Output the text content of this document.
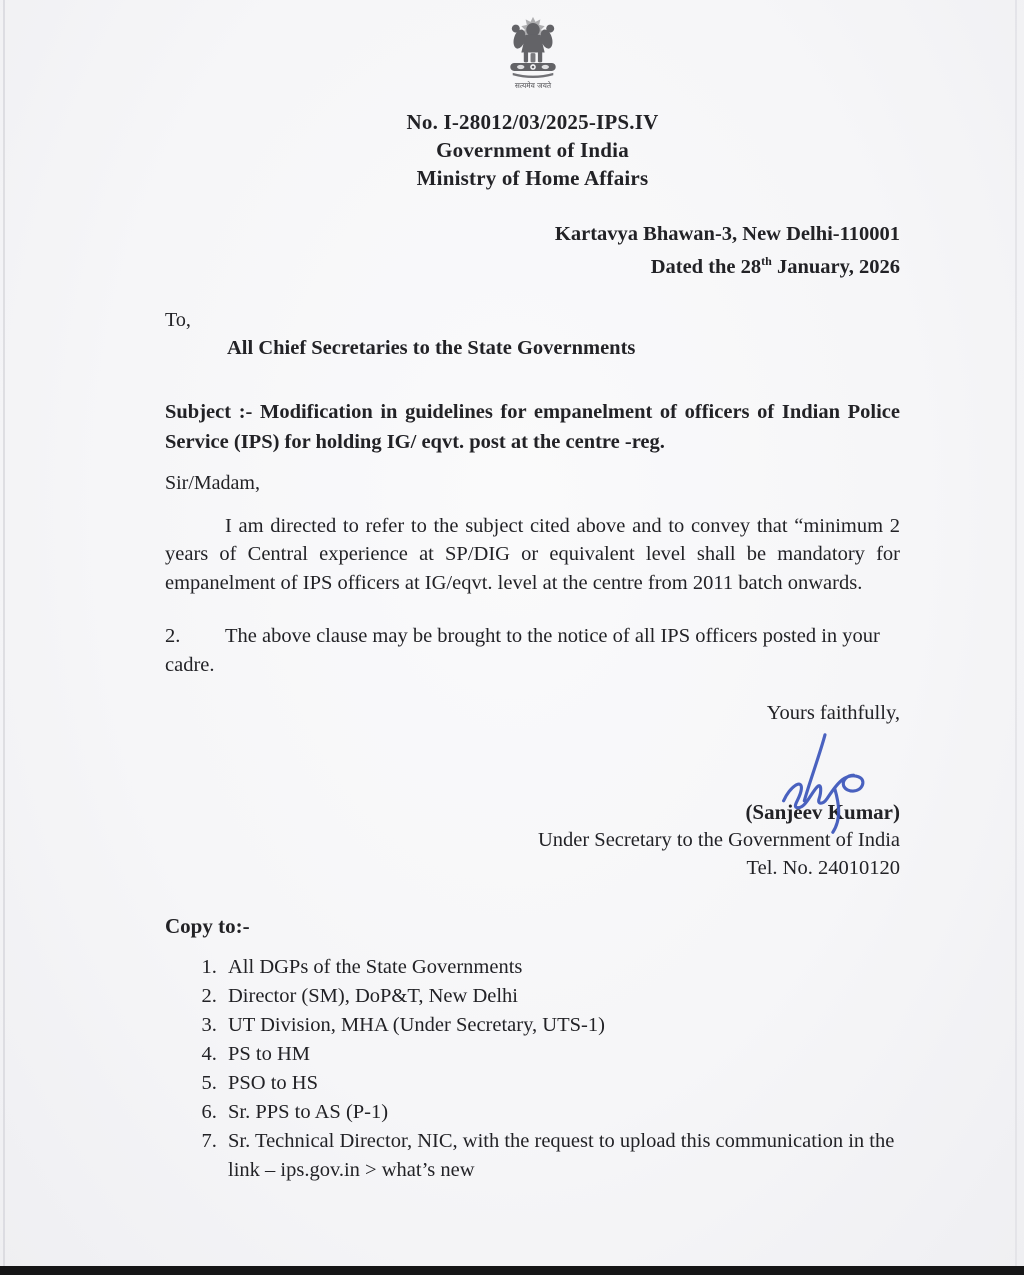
सत्यमेव जयते
No. I-28012/03/2025-IPS.IV
Government of India
Ministry of Home Affairs
Kartavya Bhawan-3, New Delhi-110001
Dated the 28th January, 2026
To,
All Chief Secretaries to the State Governments
Subject :- Modification in guidelines for empanelment of officers of Indian Police Service (IPS) for holding IG/ eqvt. post at the centre -reg.
Sir/Madam,

I am directed to refer to the subject cited above and to convey that “minimum 2 years of Central experience at SP/DIG or equivalent level shall be mandatory for empanelment of IPS officers at IG/eqvt. level at the centre from 2011 batch onwards.

2. The above clause may be brought to the notice of all IPS officers posted in your cadre.

Yours faithfully,
(Sanjeev Kumar)
Under Secretary to the Government of India
Tel. No. 24010120
Copy to:-
1. All DGPs of the State Governments
2. Director (SM), DoP&T, New Delhi
3. UT Division, MHA (Under Secretary, UTS-1)
4. PS to HM
5. PSO to HS
6. Sr. PPS to AS (P-1)
7. Sr. Technical Director, NIC, with the request to upload this communication in the link – ips.gov.in > what’s new
